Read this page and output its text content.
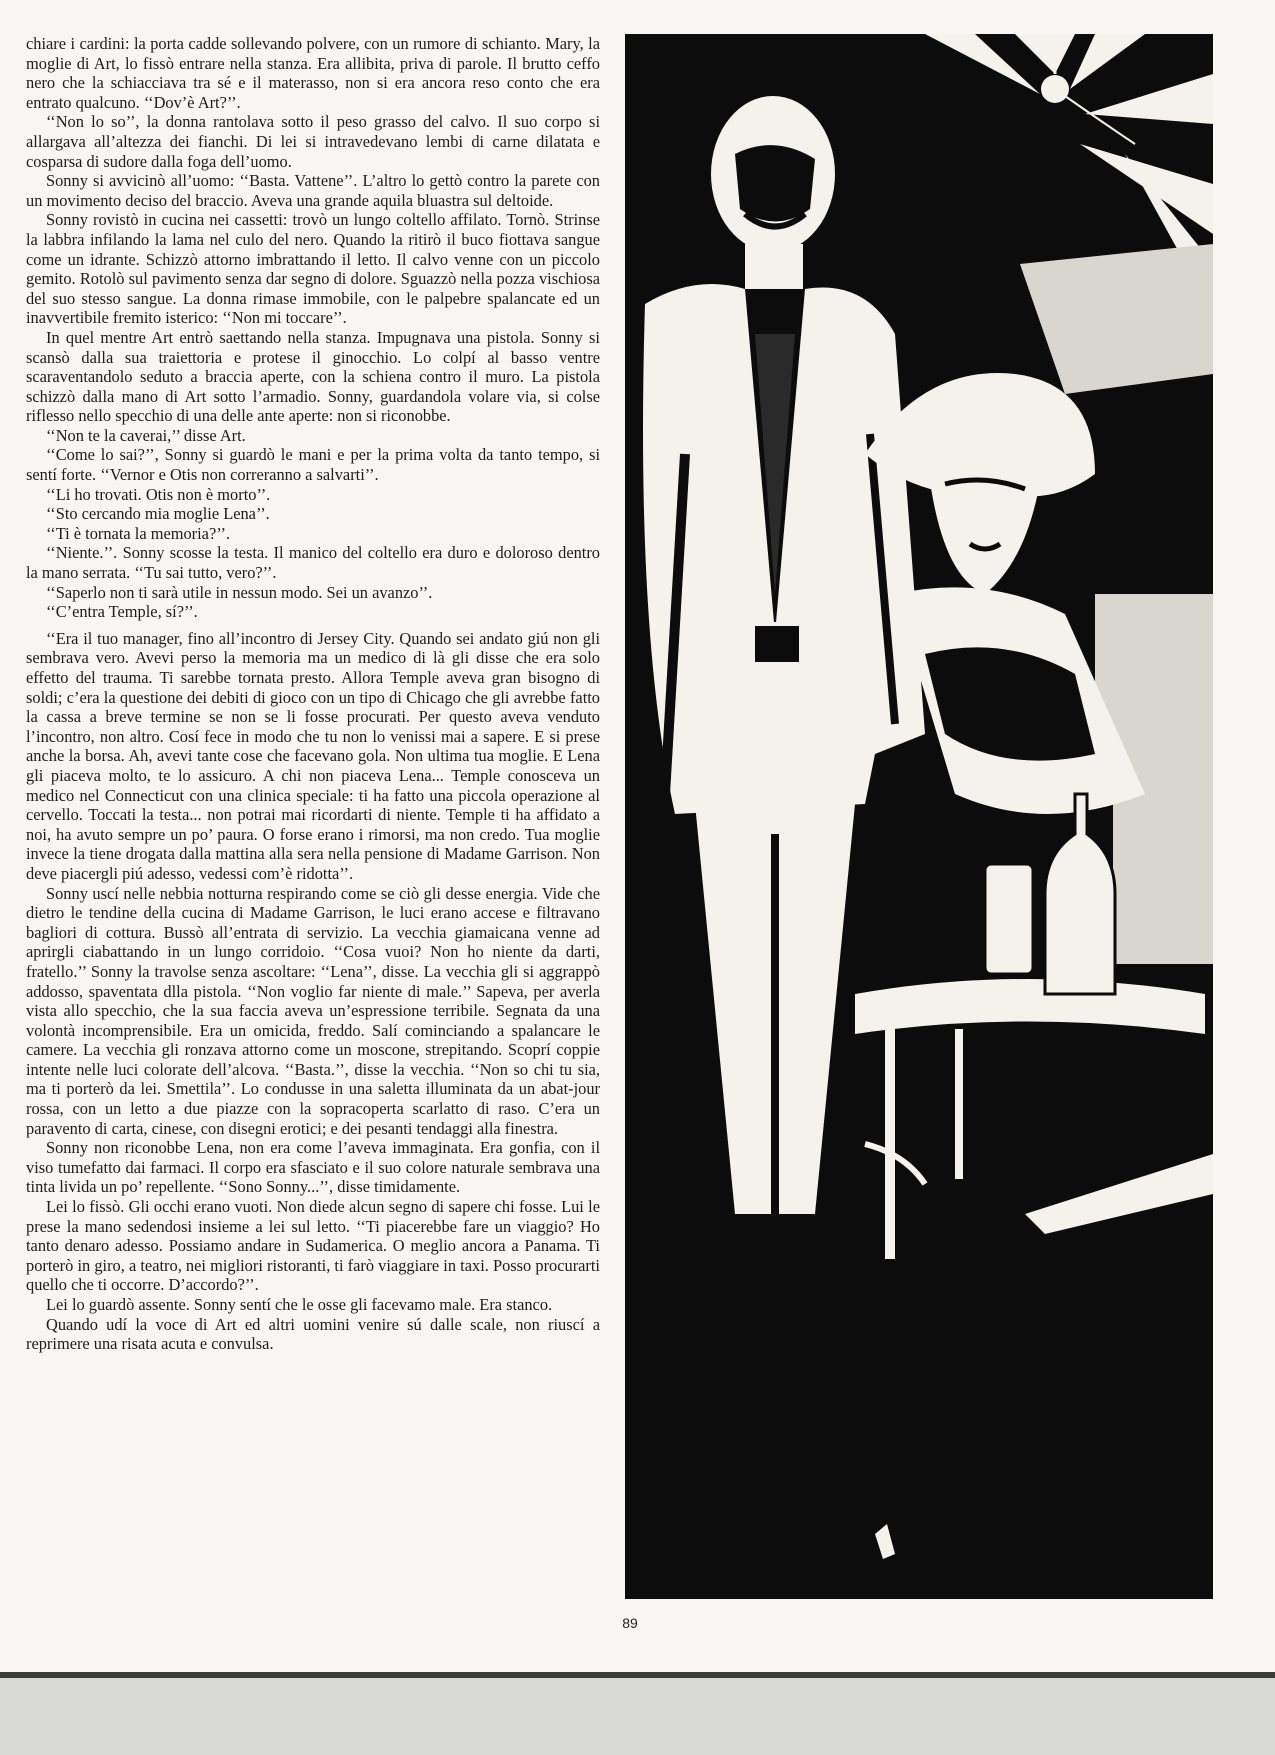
chiare i cardini: la porta cadde sollevando polvere, con un rumore di schianto. Mary, la moglie di Art, lo fissò entrare nella stanza. Era allibita, priva di parole. Il brutto ceffo nero che la schiacciava tra sé e il materasso, non si era ancora reso conto che era entrato qualcuno. ‘‘Dov’è Art?’’.

‘‘Non lo so’’, la donna rantolava sotto il peso grasso del calvo. Il suo corpo si allargava all’altezza dei fianchi. Di lei si intravedevano lembi di carne dilatata e cosparsa di sudore dalla foga dell’uomo.

Sonny si avvicinò all’uomo: ‘‘Basta. Vattene’’. L’altro lo gettò contro la parete con un movimento deciso del braccio. Aveva una grande aquila bluastra sul deltoide.

Sonny rovistò in cucina nei cassetti: trovò un lungo coltello affilato. Tornò. Strinse la labbra infilando la lama nel culo del nero. Quando la ritirò il buco fiottava sangue come un idrante. Schizzò attorno imbrattando il letto. Il calvo venne con un piccolo gemito. Rotolò sul pavimento senza dar segno di dolore. Sguazzò nella pozza vischiosa del suo stesso sangue. La donna rimase immobile, con le palpebre spalancate ed un inavvertibile fremito isterico: ‘‘Non mi toccare’’.

In quel mentre Art entrò saettando nella stanza. Impugnava una pistola. Sonny si scansò dalla sua traiettoria e protese il ginocchio. Lo colpí al basso ventre scaraventandolo seduto a braccia aperte, con la schiena contro il muro. La pistola schizzò dalla mano di Art sotto l’armadio. Sonny, guardandola volare via, si colse riflesso nello specchio di una delle ante aperte: non si riconobbe.

‘‘Non te la caverai,’’ disse Art.

‘‘Come lo sai?’’, Sonny si guardò le mani e per la prima volta da tanto tempo, si sentí forte. ‘‘Vernor e Otis non correranno a salvarti’’.

‘‘Li ho trovati. Otis non è morto’’.

‘‘Sto cercando mia moglie Lena’’.

‘‘Ti è tornata la memoria?’’.

‘‘Niente.’’. Sonny scosse la testa. Il manico del coltello era duro e doloroso dentro la mano serrata. ‘‘Tu sai tutto, vero?’’.

‘‘Saperlo non ti sarà utile in nessun modo. Sei un avanzo’’.

‘‘C’entra Temple, sí?’’.

‘‘Era il tuo manager, fino all’incontro di Jersey City. Quando sei andato giú non gli sembrava vero. Avevi perso la memoria ma un medico di là gli disse che era solo effetto del trauma. Ti sarebbe tornata presto. Allora Temple aveva gran bisogno di soldi; c’era la questione dei debiti di gioco con un tipo di Chicago che gli avrebbe fatto la cassa a breve termine se non se li fosse procurati. Per questo aveva venduto l’incontro, non altro. Cosí fece in modo che tu non lo venissi mai a sapere. E si prese anche la borsa. Ah, avevi tante cose che facevano gola. Non ultima tua moglie. E Lena gli piaceva molto, te lo assicuro. A chi non piaceva Lena... Temple conosceva un medico nel Connecticut con una clinica speciale: ti ha fatto una piccola operazione al cervello. Toccati la testa... non potrai mai ricordarti di niente. Temple ti ha affidato a noi, ha avuto sempre un po’ paura. O forse erano i rimorsi, ma non credo. Tua moglie invece la tiene drogata dalla mattina alla sera nella pensione di Madame Garrison. Non deve piacergli piú adesso, vedessi com’è ridotta’’.

Sonny uscí nelle nebbia notturna respirando come se ciò gli desse energia. Vide che dietro le tendine della cucina di Madame Garrison, le luci erano accese e filtravano bagliori di cottura. Bussò all’entrata di servizio. La vecchia giamaicana venne ad aprirgli ciabattando in un lungo corridoio. ‘‘Cosa vuoi? Non ho niente da darti, fratello.’’ Sonny la travolse senza ascoltare: ‘‘Lena’’, disse. La vecchia gli si aggrappò addosso, spaventata dlla pistola. ‘‘Non voglio far niente di male.’’ Sapeva, per averla vista allo specchio, che la sua faccia aveva un’espressione terribile. Segnata da una volontà incomprensibile. Era un omicida, freddo. Salí cominciando a spalancare le camere. La vecchia gli ronzava attorno come un moscone, strepitando. Scoprí coppie intente nelle luci colorate dell’alcova. ‘‘Basta.’’, disse la vecchia. ‘‘Non so chi tu sia, ma ti porterò da lei. Smettila’’. Lo condusse in una saletta illuminata da un abat-jour rossa, con un letto a due piazze con la sopracoperta scarlatto di raso. C’era un paravento di carta, cinese, con disegni erotici; e dei pesanti tendaggi alla finestra.

Sonny non riconobbe Lena, non era come l’aveva immaginata. Era gonfia, con il viso tumefatto dai farmaci. Il corpo era sfasciato e il suo colore naturale sembrava una tinta livida un po’ repellente. ‘‘Sono Sonny...’’, disse timidamente.

Lei lo fissò. Gli occhi erano vuoti. Non diede alcun segno di sapere chi fosse. Lui le prese la mano sedendosi insieme a lei sul letto. ‘‘Ti piacerebbe fare un viaggio? Ho tanto denaro adesso. Possiamo andare in Sudamerica. O meglio ancora a Panama. Ti porterò in giro, a teatro, nei migliori ristoranti, ti farò viaggiare in taxi. Posso procurarti quello che ti occorre. D’accordo?’’.

Lei lo guardò assente. Sonny sentí che le osse gli facevamo male. Era stanco.

Quando udí la voce di Art ed altri uomini venire sú dalle scale, non riuscí a reprimere una risata acuta e convulsa.

89
